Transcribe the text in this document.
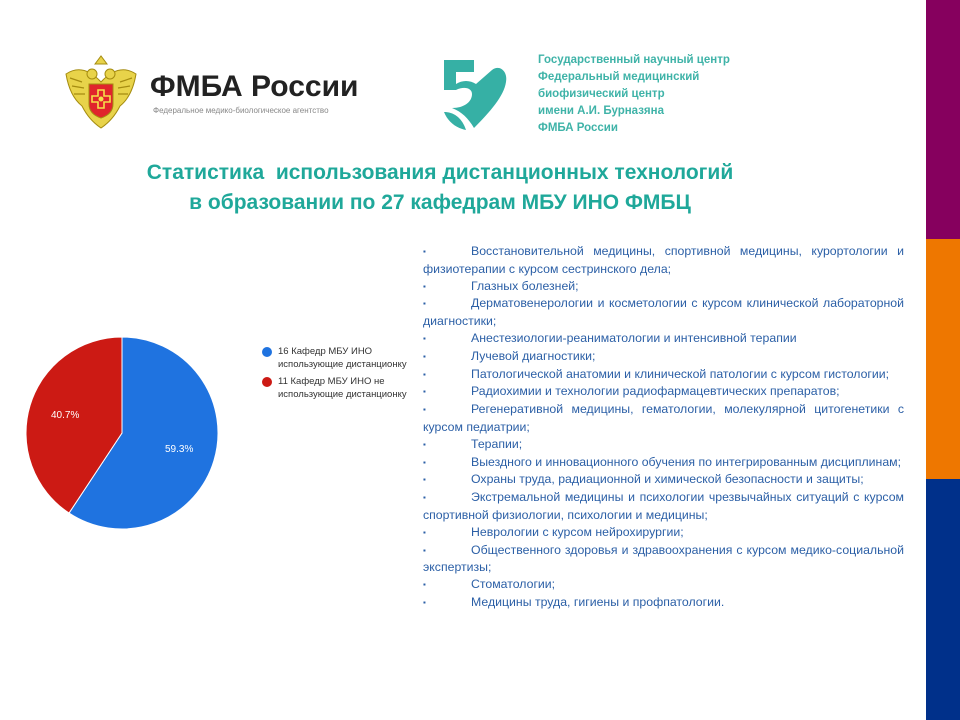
ФМБА России
Федеральное медико-биологическое агентство
Государственный научный центр
Федеральный медицинский
биофизический центр
имени А.И. Бурназяна
ФМБА России
Статистика  использования дистанционных технологий
в образовании по 27 кафедрам МБУ ИНО ФМБЦ
59.3%
40.7%
16 Кафедр МБУ ИНО использующие дистанционку
11 Кафедр МБУ ИНО не использующие дистанционку
▪	Восстановительной медицины, спортивной медицины, курортологии и физиотерапии с курсом сестринского дела;
▪	Глазных болезней;
▪	Дерматовенерологии и косметологии с курсом клинической лабораторной диагностики;
▪	Анестезиологии-реаниматологии и интенсивной терапии
▪	Лучевой диагностики;
▪	Патологической анатомии и клинической патологии с курсом гистологии;
▪	Радиохимии и технологии радиофармацевтических препаратов;
▪	Регенеративной медицины, гематологии, молекулярной цитогенетики с курсом педиатрии;
▪	Терапии;
▪	Выездного и инновационного обучения по интегрированным дисциплинам;
▪	Охраны труда, радиационной и химической безопасности и защиты;
▪	Экстремальной медицины и психологии чрезвычайных ситуаций с курсом спортивной физиологии, психологии и медицины;
▪	Неврологии с курсом нейрохирургии;
▪	Общественного здоровья и здравоохранения с курсом медико-социальной экспертизы;
▪	Стоматологии;
▪	Медицины труда, гигиены и профпатологии.
